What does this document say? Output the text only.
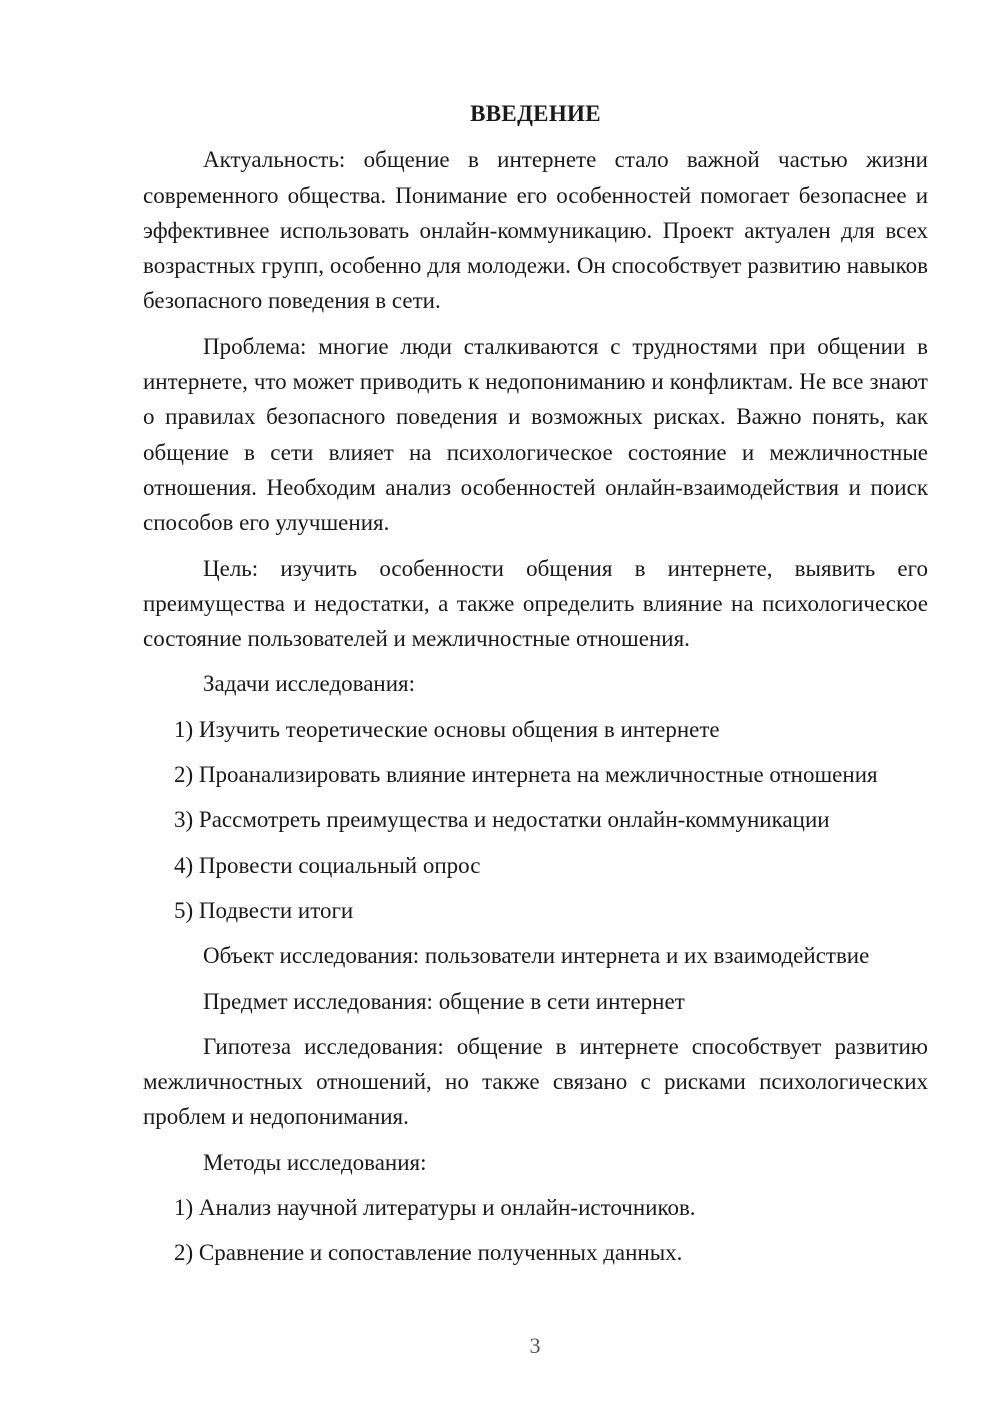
ВВЕДЕНИЕ

Актуальность: общение в интернете стало важной частью жизни современного общества. Понимание его особенностей помогает безопаснее и эффективнее использовать онлайн-коммуникацию. Проект актуален для всех возрастных групп, особенно для молодежи. Он способствует развитию навыков безопасного поведения в сети.

Проблема: многие люди сталкиваются с трудностями при общении в интернете, что может приводить к недопониманию и конфликтам. Не все знают о правилах безопасного поведения и возможных рисках. Важно понять, как общение в сети влияет на психологическое состояние и межличностные отношения. Необходим анализ особенностей онлайн-взаимодействия и поиск способов его улучшения.

Цель: изучить особенности общения в интернете, выявить его преимущества и недостатки, а также определить влияние на психологическое состояние пользователей и межличностные отношения.

Задачи исследования:

1) Изучить теоретические основы общения в интернете

2) Проанализировать влияние интернета на межличностные отношения

3) Рассмотреть преимущества и недостатки онлайн-коммуникации

4) Провести социальный опрос

5) Подвести итоги

Объект исследования: пользователи интернета и их взаимодействие

Предмет исследования: общение в сети интернет

Гипотеза исследования: общение в интернете способствует развитию межличностных отношений, но также связано с рисками психологических проблем и недопонимания.

Методы исследования:

1) Анализ научной литературы и онлайн-источников.

2) Сравнение и сопоставление полученных данных.

3
